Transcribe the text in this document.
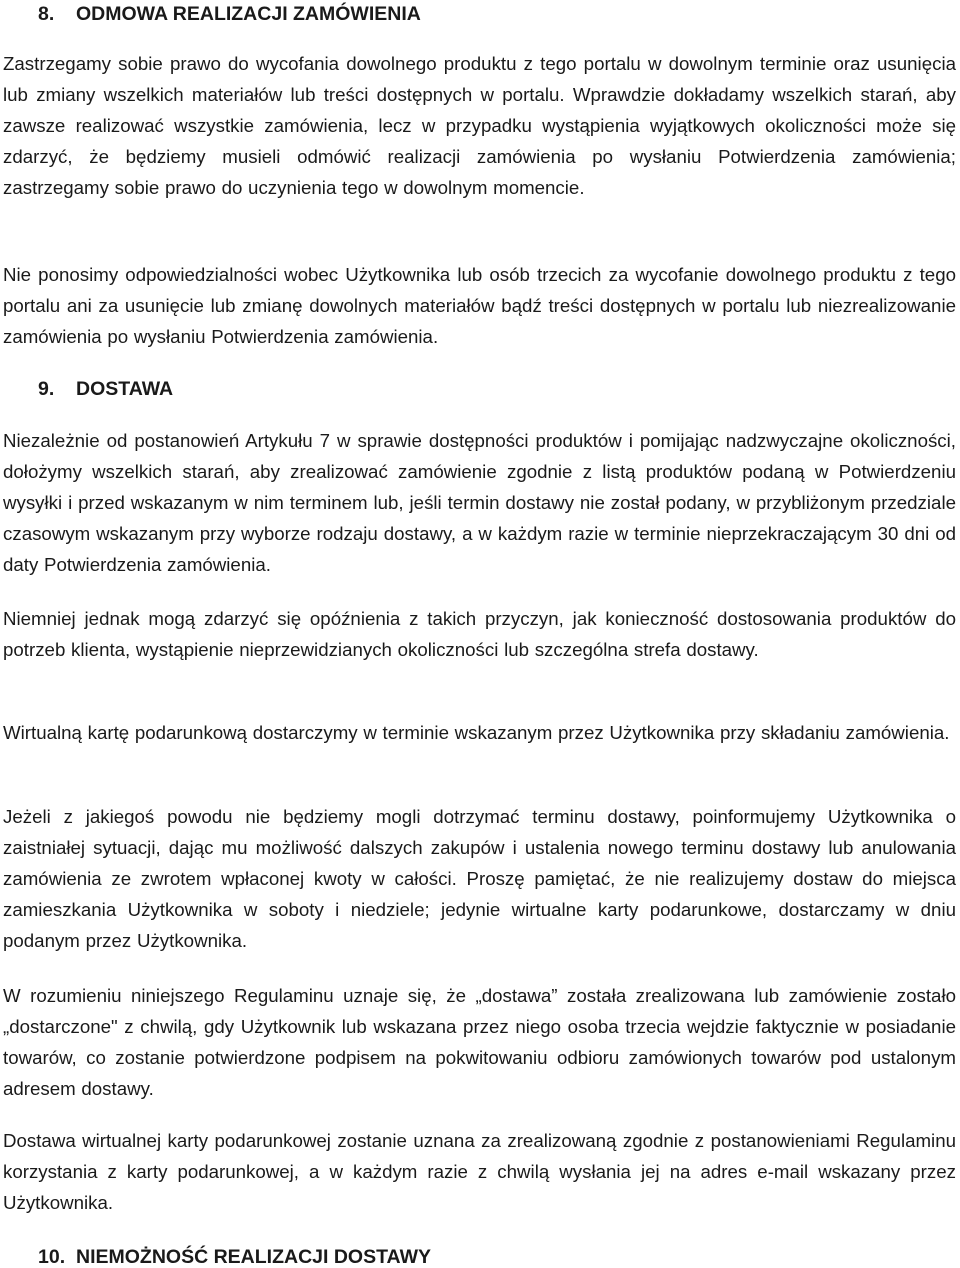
8. ODMOWA REALIZACJI ZAMÓWIENIA

Zastrzegamy sobie prawo do wycofania dowolnego produktu z tego portalu w dowolnym terminie oraz usunięcia lub zmiany wszelkich materiałów lub treści dostępnych w portalu. Wprawdzie dokładamy wszelkich starań, aby zawsze realizować wszystkie zamówienia, lecz w przypadku wystąpienia wyjątkowych okoliczności może się zdarzyć, że będziemy musieli odmówić realizacji zamówienia po wysłaniu Potwierdzenia zamówienia; zastrzegamy sobie prawo do uczynienia tego w dowolnym momencie.

Nie ponosimy odpowiedzialności wobec Użytkownika lub osób trzecich za wycofanie dowolnego produktu z tego portalu ani za usunięcie lub zmianę dowolnych materiałów bądź treści dostępnych w portalu lub niezrealizowanie zamówienia po wysłaniu Potwierdzenia zamówienia.

9. DOSTAWA

Niezależnie od postanowień Artykułu 7 w sprawie dostępności produktów i pomijając nadzwyczajne okoliczności, dołożymy wszelkich starań, aby zrealizować zamówienie zgodnie z listą produktów podaną w Potwierdzeniu wysyłki i przed wskazanym w nim terminem lub, jeśli termin dostawy nie został podany, w przybliżonym przedziale czasowym wskazanym przy wyborze rodzaju dostawy, a w każdym razie w terminie nieprzekraczającym 30 dni od daty Potwierdzenia zamówienia.

Niemniej jednak mogą zdarzyć się opóźnienia z takich przyczyn, jak konieczność dostosowania produktów do potrzeb klienta, wystąpienie nieprzewidzianych okoliczności lub szczególna strefa dostawy.

Wirtualną kartę podarunkową dostarczymy w terminie wskazanym przez Użytkownika przy składaniu zamówienia.

Jeżeli z jakiegoś powodu nie będziemy mogli dotrzymać terminu dostawy, poinformujemy Użytkownika o zaistniałej sytuacji, dając mu możliwość dalszych zakupów i ustalenia nowego terminu dostawy lub anulowania zamówienia ze zwrotem wpłaconej kwoty w całości. Proszę pamiętać, że nie realizujemy dostaw do miejsca zamieszkania Użytkownika w soboty i niedziele; jedynie wirtualne karty podarunkowe, dostarczamy w dniu podanym przez Użytkownika.

W rozumieniu niniejszego Regulaminu uznaje się, że „dostawa” została zrealizowana lub zamówienie zostało „dostarczone" z chwilą, gdy Użytkownik lub wskazana przez niego osoba trzecia wejdzie faktycznie w posiadanie towarów, co zostanie potwierdzone podpisem na pokwitowaniu odbioru zamówionych towarów pod ustalonym adresem dostawy.

Dostawa wirtualnej karty podarunkowej zostanie uznana za zrealizowaną zgodnie z postanowieniami Regulaminu korzystania z karty podarunkowej, a w każdym razie z chwilą wysłania jej na adres e-mail wskazany przez Użytkownika.

10. NIEMOŻNOŚĆ REALIZACJI DOSTAWY
